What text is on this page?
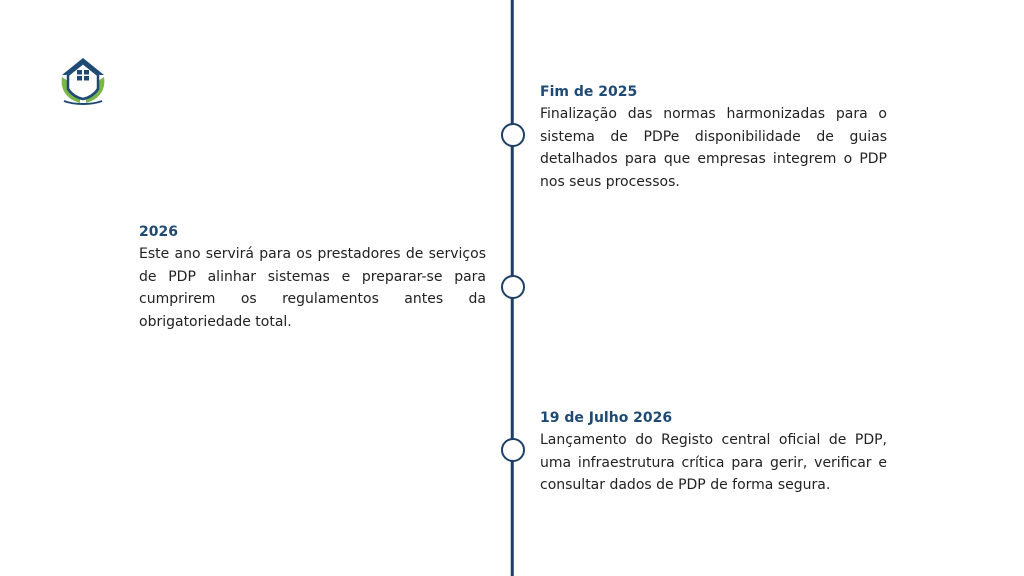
Fim de 2025
Finalização das normas harmonizadas para o sistema de PDPe disponibilidade de guias detalhados para que empresas integrem o PDP nos seus processos.
2026
Este ano servirá para os prestadores de serviços de PDP alinhar sistemas e preparar-se para cumprirem os regulamentos antes da obrigatoriedade total.
19 de Julho 2026
Lançamento do Registo central oficial de PDP, uma infraestrutura crítica para gerir, verificar e consultar dados de PDP de forma segura.
